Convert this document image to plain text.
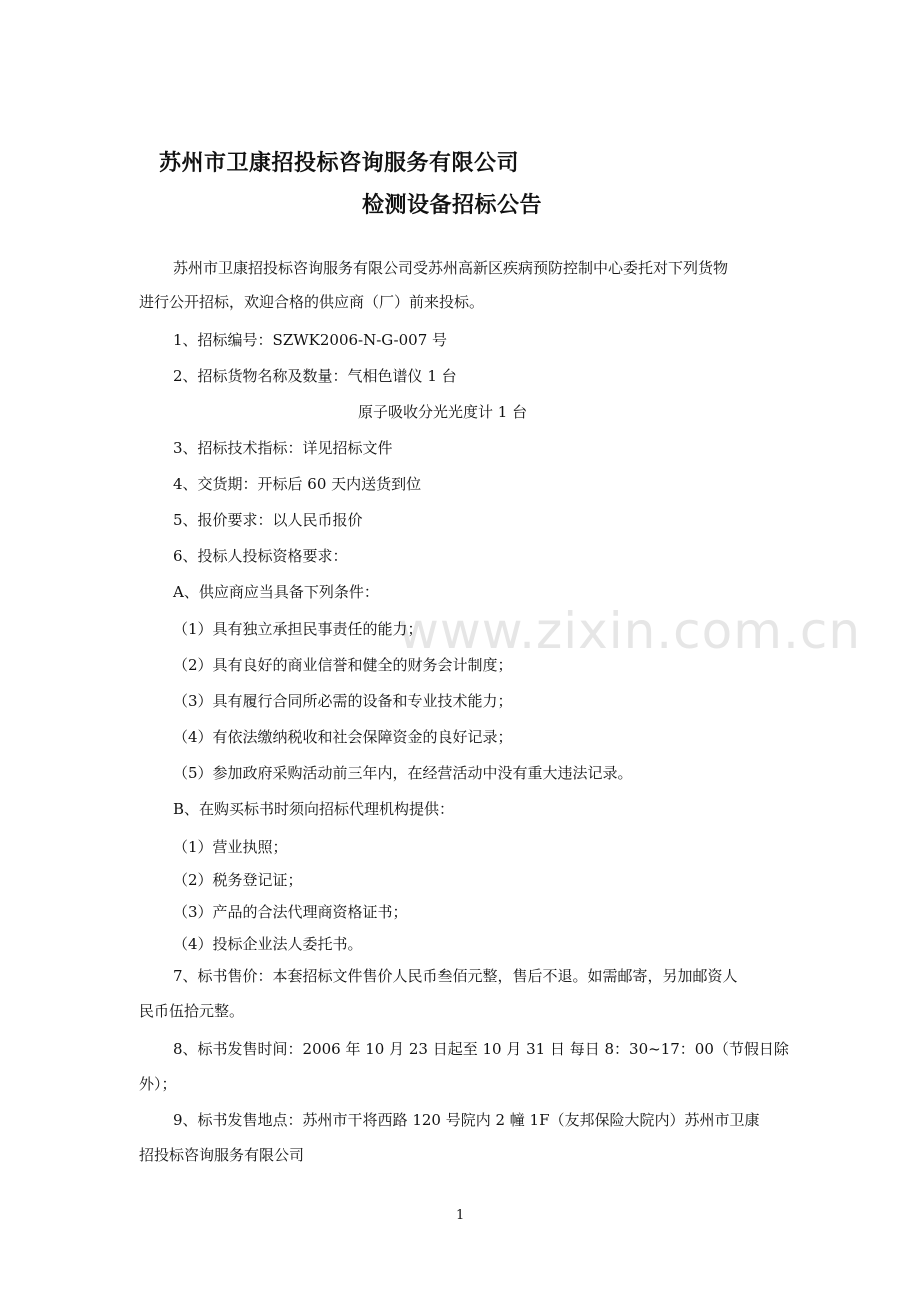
www.zixin.com.cn
苏州市卫康招投标咨询服务有限公司
检测设备招标公告
苏州市卫康招投标咨询服务有限公司受苏州高新区疾病预防控制中心委托对下列货物
进行公开招标，欢迎合格的供应商（厂）前来投标。
1、招标编号：SZWK2006-N-G-007 号
2、招标货物名称及数量：气相色谱仪 1 台
原子吸收分光光度计 1 台
3、招标技术指标：详见招标文件
4、交货期：开标后 60 天内送货到位
5、报价要求：以人民币报价
6、投标人投标资格要求：
A、供应商应当具备下列条件：
（1）具有独立承担民事责任的能力；
（2）具有良好的商业信誉和健全的财务会计制度；
（3）具有履行合同所必需的设备和专业技术能力；
（4）有依法缴纳税收和社会保障资金的良好记录；
（5）参加政府采购活动前三年内，在经营活动中没有重大违法记录。
B、在购买标书时须向招标代理机构提供：
（1）营业执照；
（2）税务登记证；
（3）产品的合法代理商资格证书；
（4）投标企业法人委托书。
7、标书售价：本套招标文件售价人民币叁佰元整，售后不退。如需邮寄，另加邮资人
民币伍拾元整。
8、标书发售时间：2006 年 10 月 23 日起至 10 月 31 日 每日 8：30~17：00（节假日除
外）；
9、标书发售地点：苏州市干将西路 120 号院内 2 幢 1F（友邦保险大院内）苏州市卫康
招投标咨询服务有限公司
1
